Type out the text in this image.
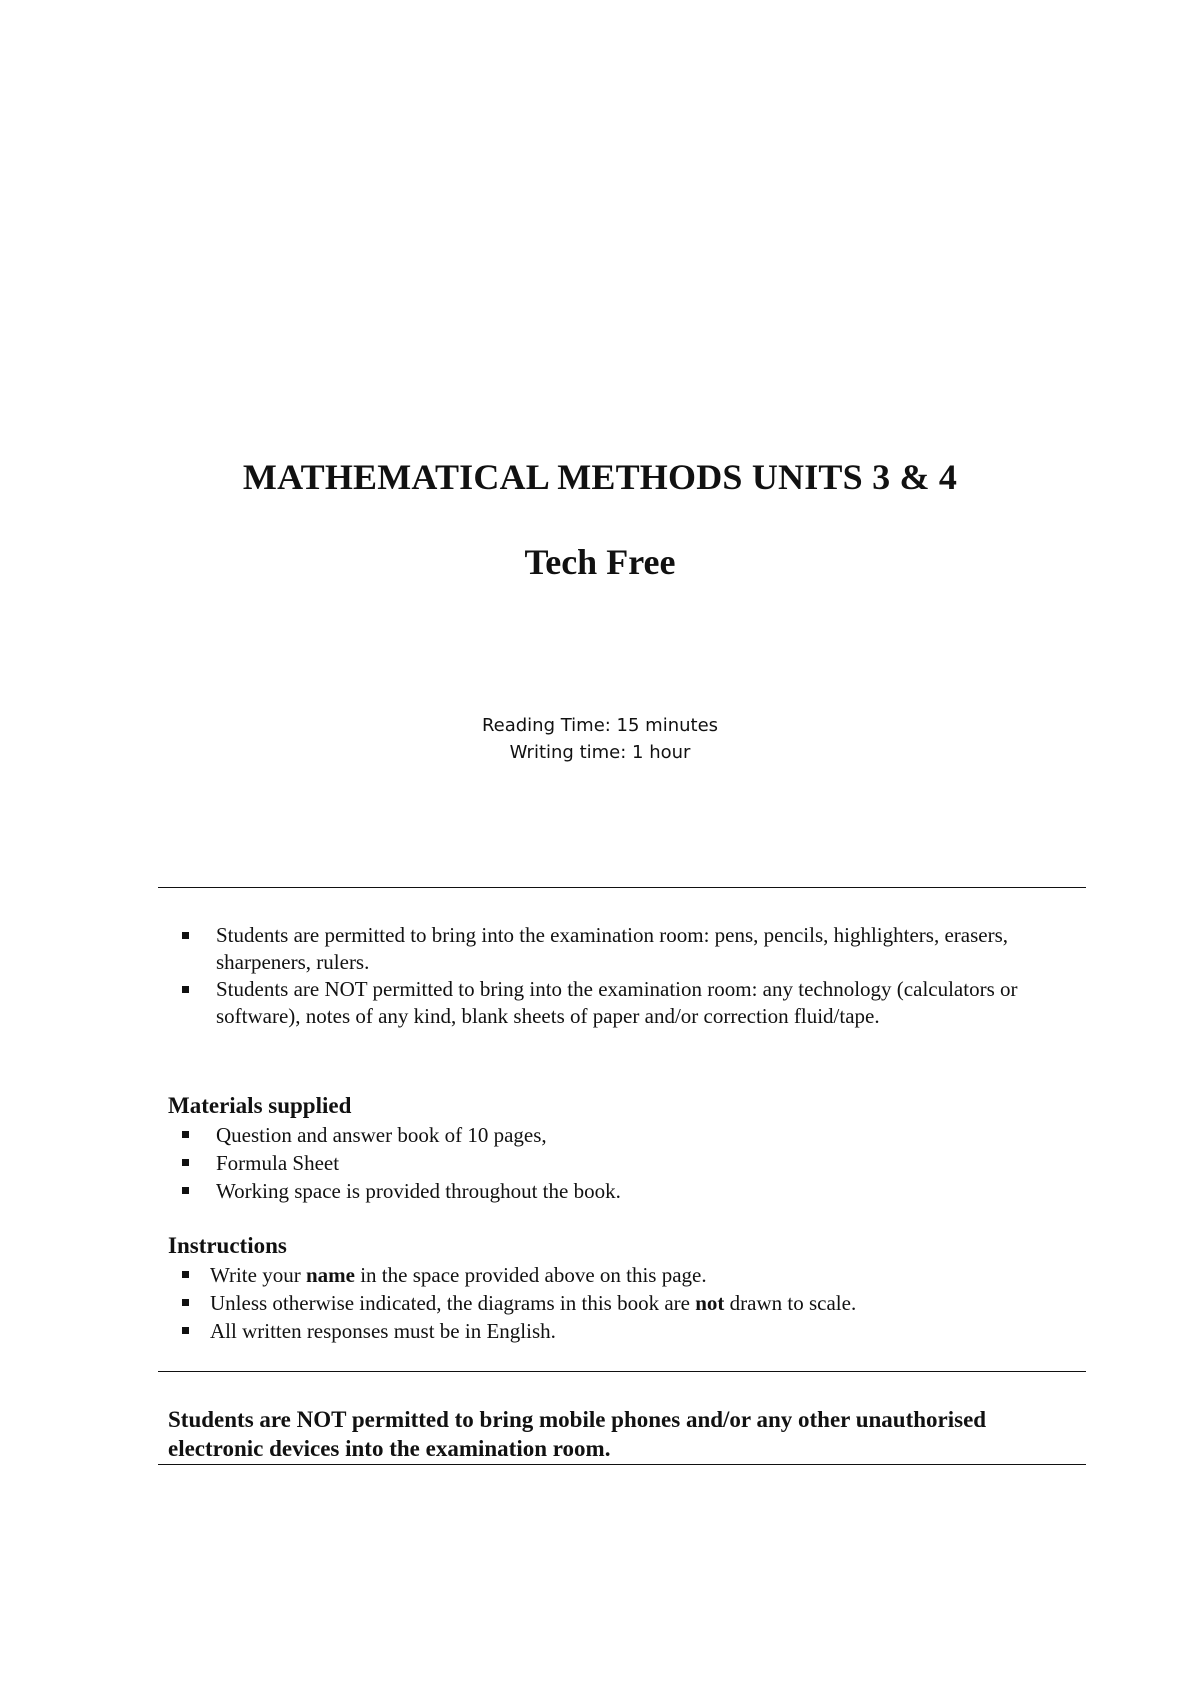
MATHEMATICAL METHODS UNITS 3 & 4
Tech Free
Reading Time: 15 minutes
Writing time: 1 hour
Students are permitted to bring into the examination room: pens, pencils, highlighters, erasers, sharpeners, rulers.
Students are NOT permitted to bring into the examination room: any technology (calculators or software), notes of any kind, blank sheets of paper and/or correction fluid/tape.
Materials supplied
Question and answer book of 10 pages,
Formula Sheet
Working space is provided throughout the book.
Instructions
Write your name in the space provided above on this page.
Unless otherwise indicated, the diagrams in this book are not drawn to scale.
All written responses must be in English.

Students are NOT permitted to bring mobile phones and/or any other unauthorised electronic devices into the examination room.
